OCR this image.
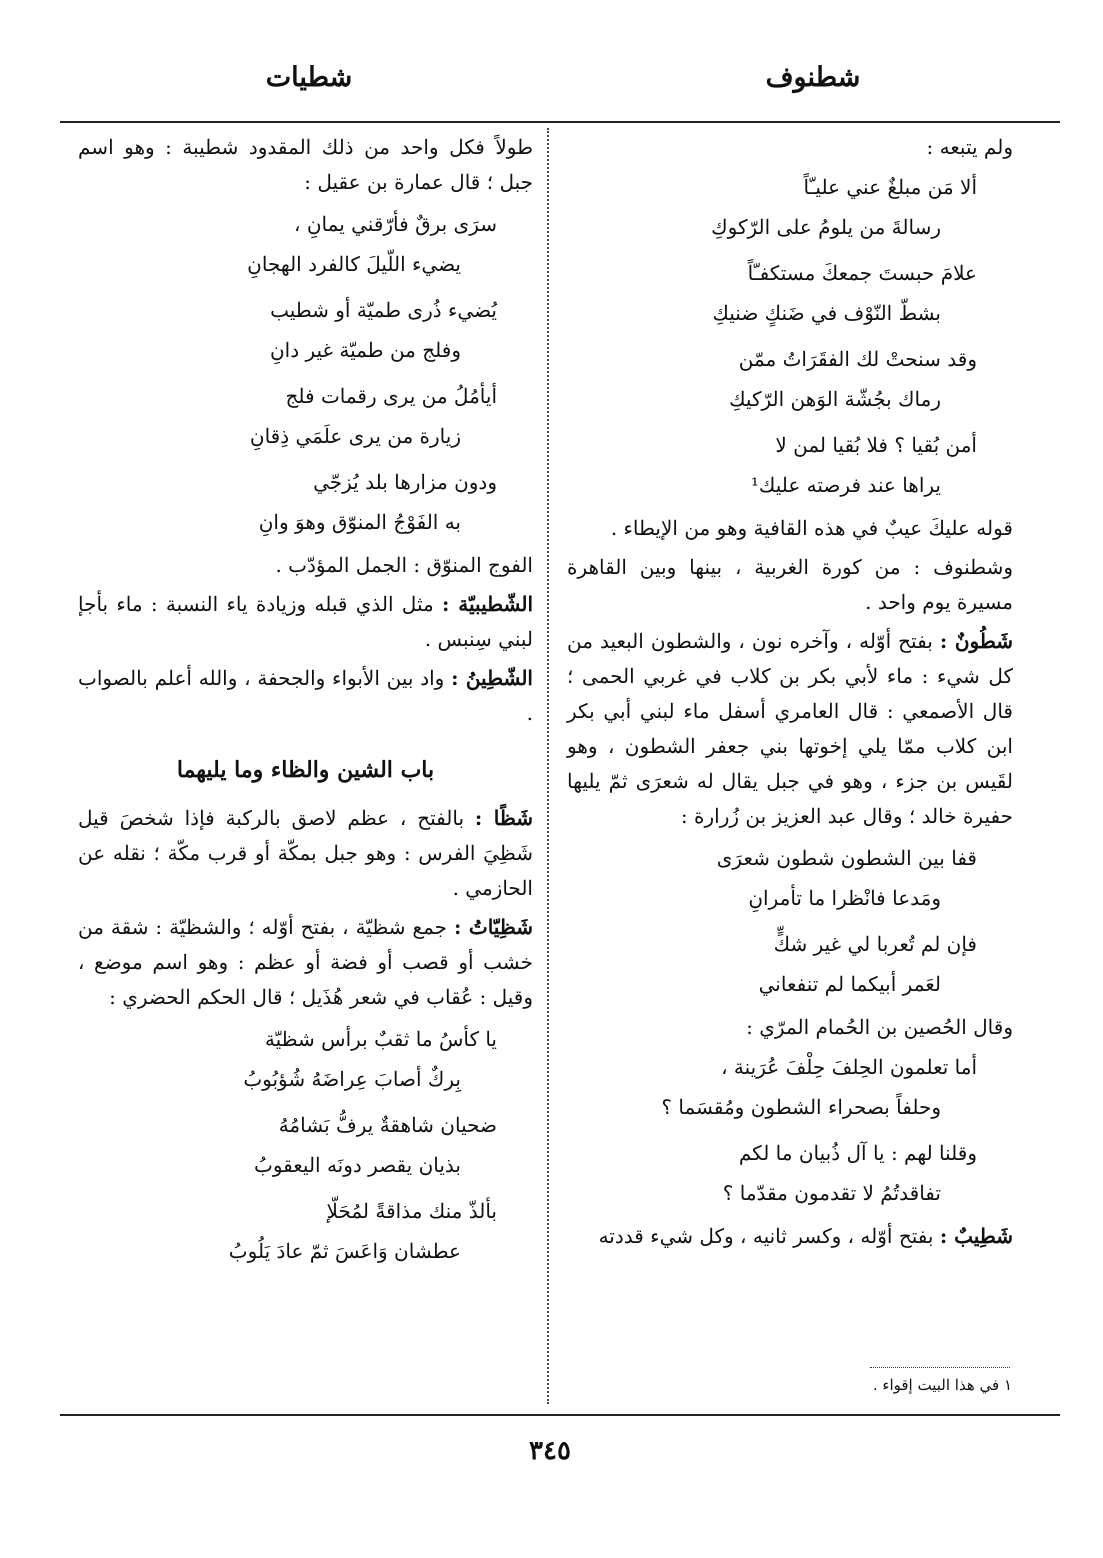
شطنوف
شطيات

ولم يتبعه :

ألا مَن مبلغٌ عني عليـّاً

رسالةَ من يلومُ على الرّكوكِ

علامَ حبستَ جمعكَ مستكفـّاً

بشطّ النّوْف في ضَنكٍ ضنيكِ

وقد سنحتْ لك الفقَرَاتُ ممّن

رماك بجُشّة الوَهن الرّكيكِ

أمن بُقيا ؟ فلا بُقيا لمن لا

يراها عند فرصته عليك¹

قوله عليكَ عيبٌ في هذه القافية وهو من الإيطاء .

وشطنوف : من كورة الغربية ، بينها وبين القاهرة مسيرة يوم واحد .

شَطُونٌ : بفتح أوّله ، وآخره نون ، والشطون البعيد من كل شيء : ماء لأبي بكر بن كلاب في غربي الحمى ؛ قال الأصمعي : قال العامري أسفل ماء لبني أبي بكر ابن كلاب ممّا يلي إخوتها بني جعفر الشطون ، وهو لقَيس بن جزء ، وهو في جبل يقال له شعرَى ثمّ يليها حفيرة خالد ؛ وقال عبد العزيز بن زُرارة :

قفا بين الشطون شطون شعرَى

ومَدعا فانْظرا ما تأمرانِ

فإن لم تُعربا لي غير شكٍّ

لعَمر أبيكما لم تنفعاني

وقال الحُصين بن الحُمام المرّي :

أما تعلمون الحِلفَ حِلْفَ عُرَينة ،

وحلفاً بصحراء الشطون ومُقسَما ؟

وقلنا لهم : يا آل ذُبيان ما لكم

تفاقدتُمُ لا تقدمون مقدّما ؟

شَطِيبٌ : بفتح أوّله ، وكسر ثانيه ، وكل شيء قددته

١ في هذا البيت إقواء .

طولاً فكل واحد من ذلك المقدود شطيبة : وهو اسم جبل ؛ قال عمارة بن عقيل :

سرَى برقٌ فأرّقني يمانِ ،

يضيء اللّيلَ كالفرد الهجانِ

يُضيء ذُرى طميّة أو شطيب

وفلج من طميّة غير دانِ

أيأمُلُ من يرى رقمات فلج

زيارة من يرى علَمَي ذِقانِ

ودون مزارها بلد يُزجّي

به الفَوْجُ المنوّق وهوَ وانِ

الفوج المنوّق : الجمل المؤدّب .

الشّطيبيّة : مثل الذي قبله وزيادة ياء النسبة : ماء بأجإ لبني سِنبس .

الشّطِينُ : واد بين الأبواء والجحفة ، والله أعلم بالصواب .

باب الشين والظاء وما يليهما

شَظًا : بالفتح ، عظم لاصق بالركبة فإذا شخصَ قيل شَظِيَ الفرس : وهو جبل بمكّة أو قرب مكّة ؛ نقله عن الحازمي .

شَظِيّاتُ : جمع شظيّة ، بفتح أوّله ؛ والشظيّة : شقة من خشب أو قصب أو فضة أو عظم : وهو اسم موضع ، وقيل : عُقاب في شعر هُذَيل ؛ قال الحكم الحضري :

يا كأسُ ما ثقبٌ برأس شظيّة

بِركٌ أصابَ عِراضَهُ شُؤبُوبُ

ضحيان شاهقةٌ يرفُّ بَشامُهُ

بذيان يقصر دونَه اليعقوبُ

بألذّ منك مذاقةً لمُحَلّإ

عطشان وَاعَسَ ثمّ عادَ يَلُوبُ

٣٤٥
